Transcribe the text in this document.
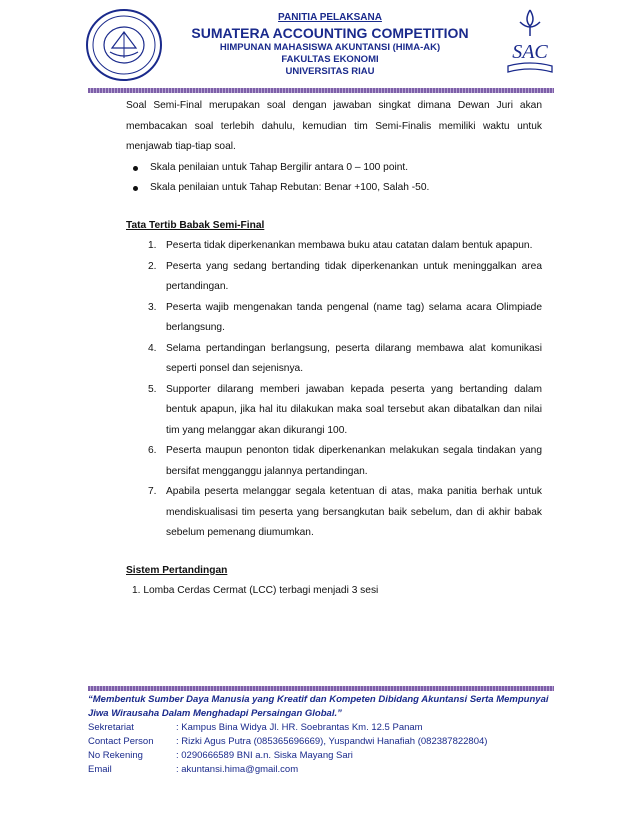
PANITIA PELAKSANA
SUMATERA ACCOUNTING COMPETITION
HIMPUNAN MAHASISWA AKUNTANSI (HIMA-AK)
FAKULTAS EKONOMI
UNIVERSITAS RIAU
SAC

Soal Semi-Final merupakan soal dengan jawaban singkat dimana Dewan Juri akan membacakan soal terlebih dahulu, kemudian tim Semi-Finalis memiliki waktu untuk menjawab tiap-tiap soal.

Skala penilaian untuk Tahap Bergilir antara 0 – 100 point.
Skala penilaian untuk Tahap Rebutan: Benar +100, Salah -50.

Tata Tertib Babak Semi-Final

1. Peserta tidak diperkenankan membawa buku atau catatan dalam bentuk apapun.
2. Peserta yang sedang bertanding tidak diperkenankan untuk meninggalkan area pertandingan.
3. Peserta wajib mengenakan tanda pengenal (name tag) selama acara Olimpiade berlangsung.
4. Selama pertandingan berlangsung, peserta dilarang membawa alat komunikasi seperti ponsel dan sejenisnya.
5. Supporter dilarang memberi jawaban kepada peserta yang bertanding dalam bentuk apapun, jika hal itu dilakukan maka soal tersebut akan dibatalkan dan nilai tim yang melanggar akan dikurangi 100.
6. Peserta maupun penonton tidak diperkenankan melakukan segala tindakan yang bersifat mengganggu jalannya pertandingan.
7. Apabila peserta melanggar segala ketentuan di atas, maka panitia berhak untuk mendiskualisasi tim peserta yang bersangkutan baik sebelum, dan di akhir babak sebelum pemenang diumumkan.

Sistem Pertandingan

1. Lomba Cerdas Cermat (LCC) terbagi menjadi 3 sesi

“Membentuk Sumber Daya Manusia yang Kreatif dan Kompeten Dibidang Akuntansi Serta Mempunyai Jiwa Wirausaha Dalam Menghadapi Persaingan Global.”
Sekretariat	: Kampus Bina Widya Jl. HR. Soebrantas Km. 12.5 Panam
Contact Person	: Rizki Agus Putra (085365696669), Yuspandwi Hanafiah (082387822804)
No Rekening	: 0290666589 BNI a.n. Siska Mayang Sari
Email	: akuntansi.hima@gmail.com
